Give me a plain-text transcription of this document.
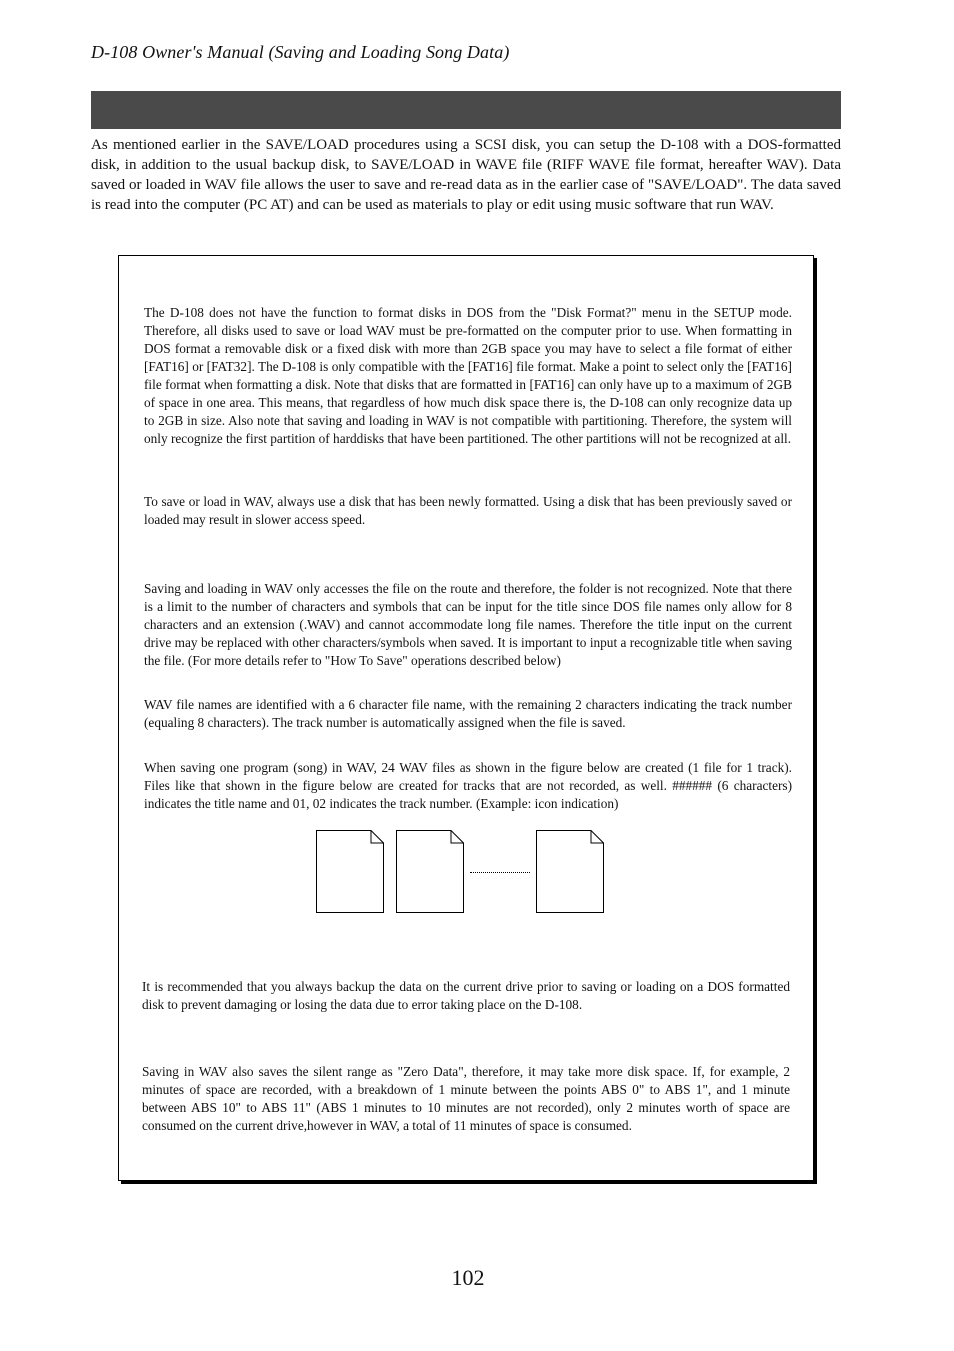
D-108 Owner's Manual (Saving and Loading Song Data)

As mentioned earlier in the SAVE/LOAD procedures using a SCSI disk, you can setup the D-108 with a DOS-formatted disk, in addition to the usual backup disk, to SAVE/LOAD in WAVE file (RIFF WAVE file format, hereafter WAV). Data saved or loaded in WAV file allows the user to save and re-read data as in the earlier case of "SAVE/LOAD". The data saved is read into the computer (PC AT) and can be used as materials to play or edit using music software that run WAV.

The D-108 does not have the function to format disks in DOS from the "Disk Format?" menu in the SETUP mode. Therefore, all disks used to save or load WAV must be pre-formatted on the computer prior to use. When formatting in DOS format a removable disk or a fixed disk with more than 2GB space you may have to select a file format of either [FAT16] or [FAT32]. The D-108 is only compatible with the [FAT16] file format. Make a point to select only the [FAT16] file format when formatting a disk. Note that disks that are formatted in [FAT16] can only have up to a maximum of 2GB of space in one area. This means, that regardless of how much disk space there is, the D-108 can only recognize data up to 2GB in size. Also note that saving and loading in WAV is not compatible with partitioning. Therefore, the system will only recognize the first partition of harddisks that have been partitioned. The other partitions will not be recognized at all.

To save or load in WAV, always use a disk that has been newly formatted. Using a disk that has been previously saved or loaded may result in slower access speed.

Saving and loading in WAV only accesses the file on the route and therefore, the folder is not recognized. Note that there is a limit to the number of characters and symbols that can be input for the title since DOS file names only allow for 8 characters and an extension (.WAV) and cannot accommodate long file names. Therefore the title input on the current drive may be replaced with other characters/symbols when saved. It is important to input a recognizable title when saving the file. (For more details refer to "How To Save" operations described below)

WAV file names are identified with a 6 character file name, with the remaining 2 characters indicating the track number (equaling 8 characters). The track number is automatically assigned when the file is saved.

When saving one program (song) in WAV, 24 WAV files as shown in the figure below are created (1 file for 1 track). Files like that shown in the figure below are created for tracks that are not recorded, as well. ###### (6 characters) indicates the title name and 01, 02 indicates the track number. (Example: icon indication)

It is recommended that you always backup the data on the current drive prior to saving or loading on a DOS formatted disk to prevent damaging or losing the data due to error taking place on the D-108.

Saving in WAV also saves the silent range as "Zero Data", therefore, it may take more disk space. If, for example, 2 minutes of space are recorded, with a breakdown of 1 minute between the points ABS 0" to ABS 1", and 1 minute between ABS 10" to ABS 11" (ABS 1 minutes to 10 minutes are not recorded), only 2 minutes worth of space are consumed on the current drive,however in WAV, a total of 11 minutes of space is consumed.

102
